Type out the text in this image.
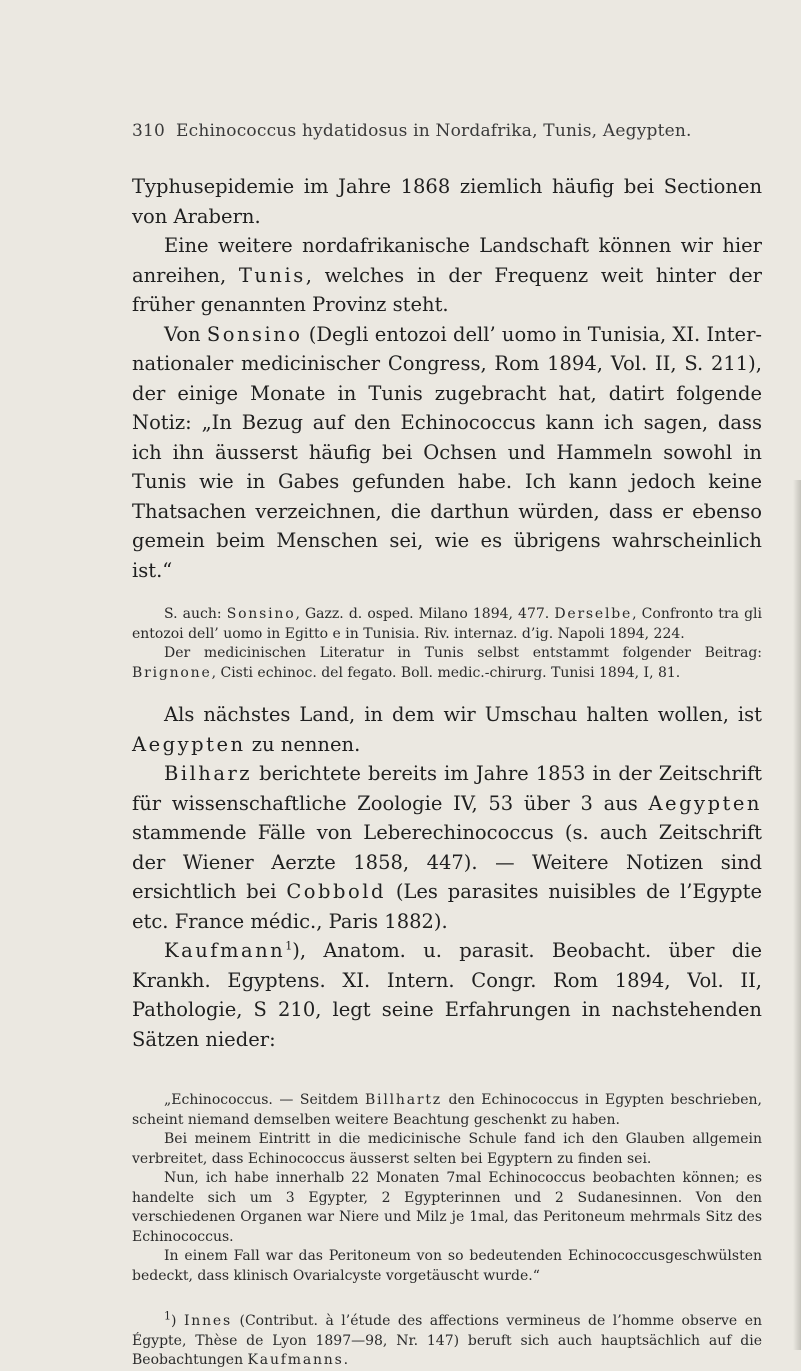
310 Echinococcus hydatidosus in Nordafrika, Tunis, Aegypten.

Typhusepidemie im Jahre 1868 ziemlich häufig bei Sectionen von Arabern.

Eine weitere nordafrikanische Landschaft können wir hier anreihen, Tunis, welches in der Frequenz weit hinter der früher genannten Provinz steht.

Von Sonsino (Degli entozoi dell’ uomo in Tunisia, XI. Internationaler medicinischer Congress, Rom 1894, Vol. II, S. 211), der einige Monate in Tunis zugebracht hat, datirt folgende Notiz: „In Bezug auf den Echinococcus kann ich sagen, dass ich ihn äusserst häufig bei Ochsen und Hammeln sowohl in Tunis wie in Gabes gefunden habe. Ich kann jedoch keine Thatsachen verzeichnen, die darthun würden, dass er ebenso gemein beim Menschen sei, wie es übrigens wahrscheinlich ist.“

S. auch: Sonsino, Gazz. d. osped. Milano 1894, 477. Derselbe, Confronto tra gli entozoi dell’ uomo in Egitto e in Tunisia. Riv. internaz. d’ig. Napoli 1894, 224.

Der medicinischen Literatur in Tunis selbst entstammt folgender Beitrag: Brignone, Cisti echinoc. del fegato. Boll. medic.-chirurg. Tunisi 1894, I, 81.

Als nächstes Land, in dem wir Umschau halten wollen, ist Aegypten zu nennen.

Bilharz berichtete bereits im Jahre 1853 in der Zeitschrift für wissenschaftliche Zoologie IV, 53 über 3 aus Aegypten stammende Fälle von Leberechinococcus (s. auch Zeitschrift der Wiener Aerzte 1858, 447). — Weitere Notizen sind ersichtlich bei Cobbold (Les parasites nuisibles de l’Egypte etc. France médic., Paris 1882).

Kaufmann$^1$), Anatom. u. parasit. Beobacht. über die Krankh. Egyptens. XI. Intern. Congr. Rom 1894, Vol. II, Pathologie, S 210, legt seine Erfahrungen in nachstehenden Sätzen nieder:

„Echinococcus. — Seitdem Billhartz den Echinococcus in Egypten beschrieben, scheint niemand demselben weitere Beachtung geschenkt zu haben.

Bei meinem Eintritt in die medicinische Schule fand ich den Glauben allgemein verbreitet, dass Echinococcus äusserst selten bei Egyptern zu finden sei.

Nun, ich habe innerhalb 22 Monaten 7mal Echinococcus beobachten können; es handelte sich um 3 Egypter, 2 Egypterinnen und 2 Sudanesinnen. Von den verschiedenen Organen war Niere und Milz je 1mal, das Peritoneum mehrmals Sitz des Echinococcus.

In einem Fall war das Peritoneum von so bedeutenden Echinococcusgeschwülsten bedeckt, dass klinisch Ovarialcyste vorgetäuscht wurde.“

$^1$) Innes (Contribut. à l’étude des affections vermineus de l’homme observe en Égypte, Thèse de Lyon 1897—98, Nr. 147) beruft sich auch hauptsächlich auf die Beobachtungen Kaufmanns.
